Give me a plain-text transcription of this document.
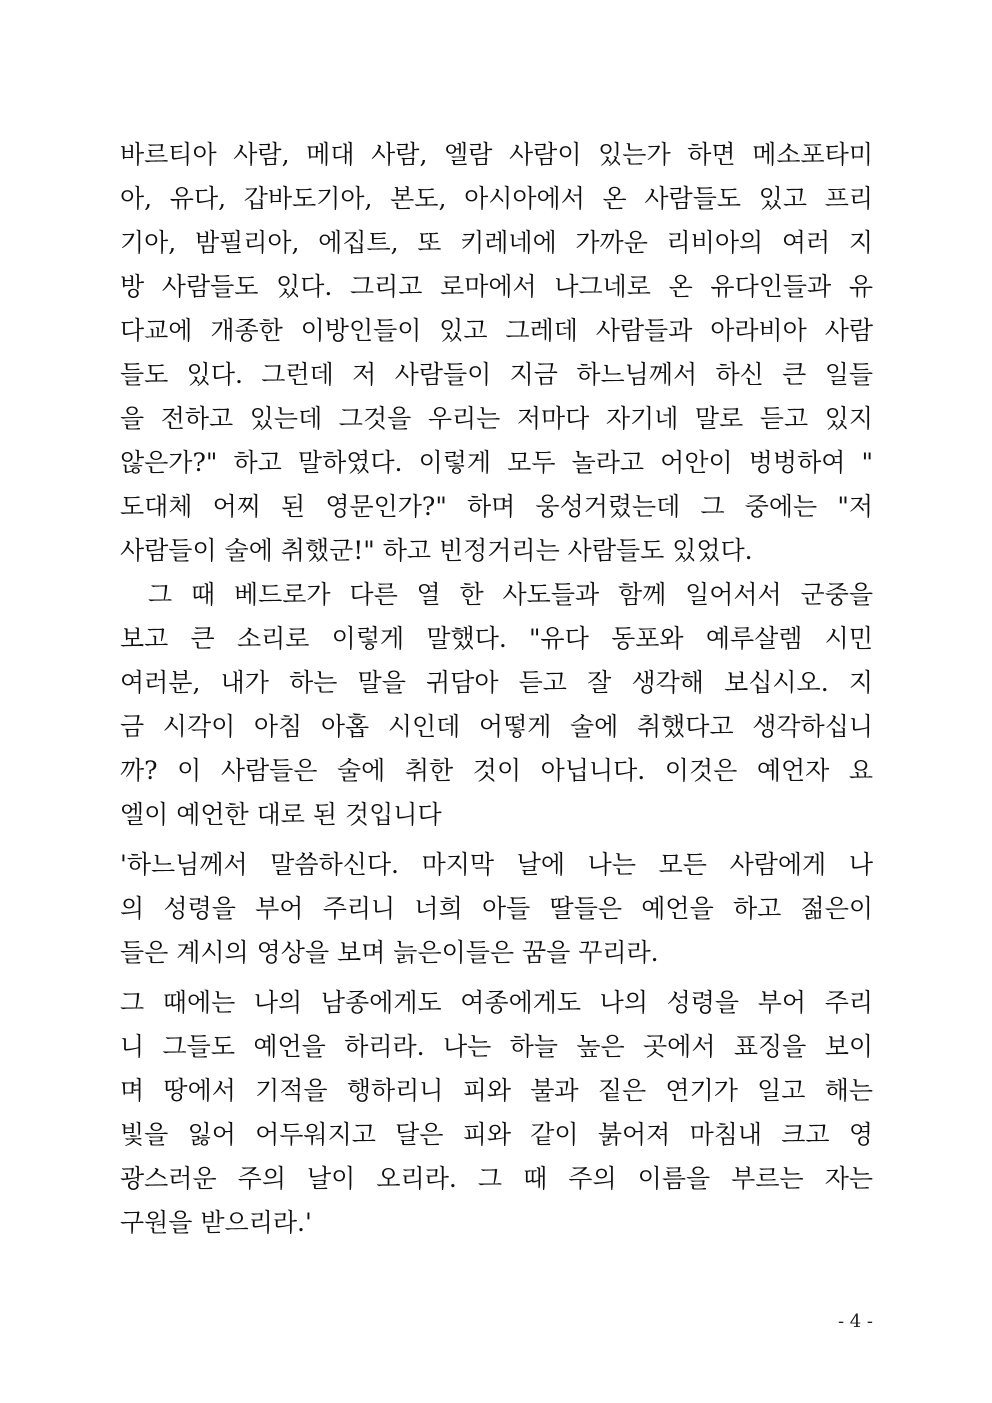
바르티아 사람, 메대 사람, 엘람 사람이 있는가 하면 메소포타미
아, 유다, 갑바도기아, 본도, 아시아에서 온 사람들도 있고 프리
기아, 밤필리아, 에집트, 또 키레네에 가까운 리비아의 여러 지
방 사람들도 있다. 그리고 로마에서 나그네로 온 유다인들과 유
다교에 개종한 이방인들이 있고 그레데 사람들과 아라비아 사람
들도 있다. 그런데 저 사람들이 지금 하느님께서 하신 큰 일들
을 전하고 있는데 그것을 우리는 저마다 자기네 말로 듣고 있지
않은가?" 하고 말하였다. 이렇게 모두 놀라고 어안이 벙벙하여 "
도대체 어찌 된 영문인가?" 하며 웅성거렸는데 그 중에는 "저
사람들이 술에 취했군!" 하고 빈정거리는 사람들도 있었다.
그 때 베드로가 다른 열 한 사도들과 함께 일어서서 군중을
보고 큰 소리로 이렇게 말했다. "유다 동포와 예루살렘 시민
여러분, 내가 하는 말을 귀담아 듣고 잘 생각해 보십시오. 지
금 시각이 아침 아홉 시인데 어떻게 술에 취했다고 생각하십니
까? 이 사람들은 술에 취한 것이 아닙니다. 이것은 예언자 요
엘이 예언한 대로 된 것입니다
'하느님께서 말씀하신다. 마지막 날에 나는 모든 사람에게 나
의 성령을 부어 주리니 너희 아들 딸들은 예언을 하고 젊은이
들은 계시의 영상을 보며 늙은이들은 꿈을 꾸리라.
그 때에는 나의 남종에게도 여종에게도 나의 성령을 부어 주리
니 그들도 예언을 하리라. 나는 하늘 높은 곳에서 표징을 보이
며 땅에서 기적을 행하리니 피와 불과 짙은 연기가 일고 해는
빛을 잃어 어두워지고 달은 피와 같이 붉어져 마침내 크고 영
광스러운 주의 날이 오리라. 그 때 주의 이름을 부르는 자는
구원을 받으리라.'
- 4 -
